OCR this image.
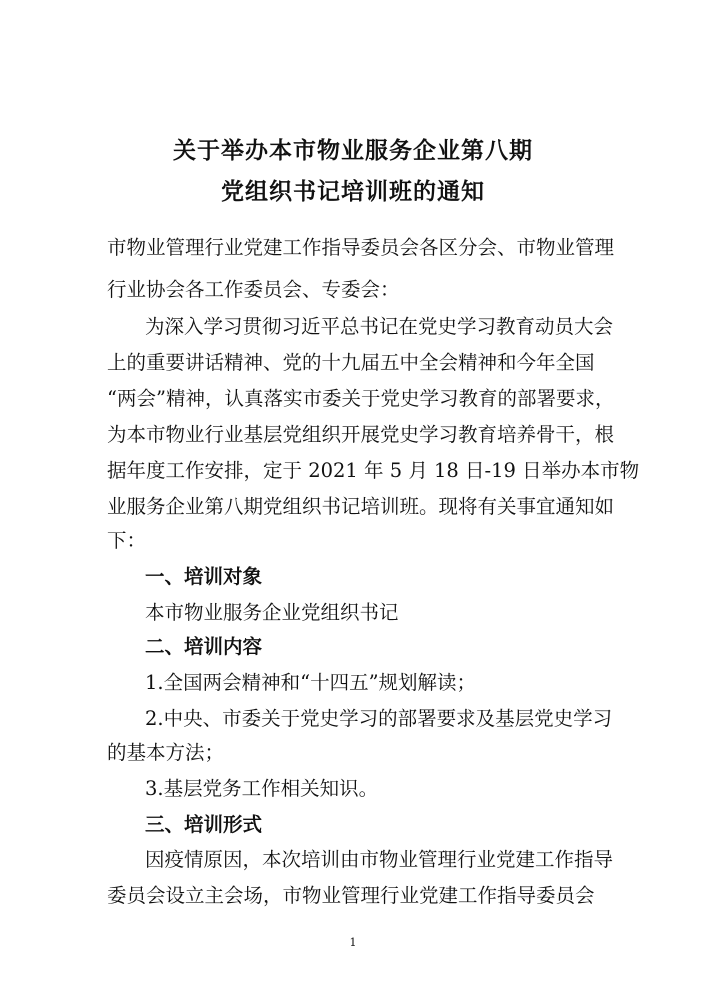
关于举办本市物业服务企业第八期
党组织书记培训班的通知
市物业管理行业党建工作指导委员会各区分会、市物业管理
行业协会各工作委员会、专委会：
为深入学习贯彻习近平总书记在党史学习教育动员大会
上的重要讲话精神、党的十九届五中全会精神和今年全国
“两会”精神，认真落实市委关于党史学习教育的部署要求，
为本市物业行业基层党组织开展党史学习教育培养骨干，根
据年度工作安排，定于 2021 年 5 月 18 日-19 日举办本市物
业服务企业第八期党组织书记培训班。现将有关事宜通知如
下：
一、培训对象
本市物业服务企业党组织书记
二、培训内容
1.全国两会精神和“十四五”规划解读；
2.中央、市委关于党史学习的部署要求及基层党史学习
的基本方法；
3.基层党务工作相关知识。
三、培训形式
因疫情原因，本次培训由市物业管理行业党建工作指导
委员会设立主会场，市物业管理行业党建工作指导委员会
1
